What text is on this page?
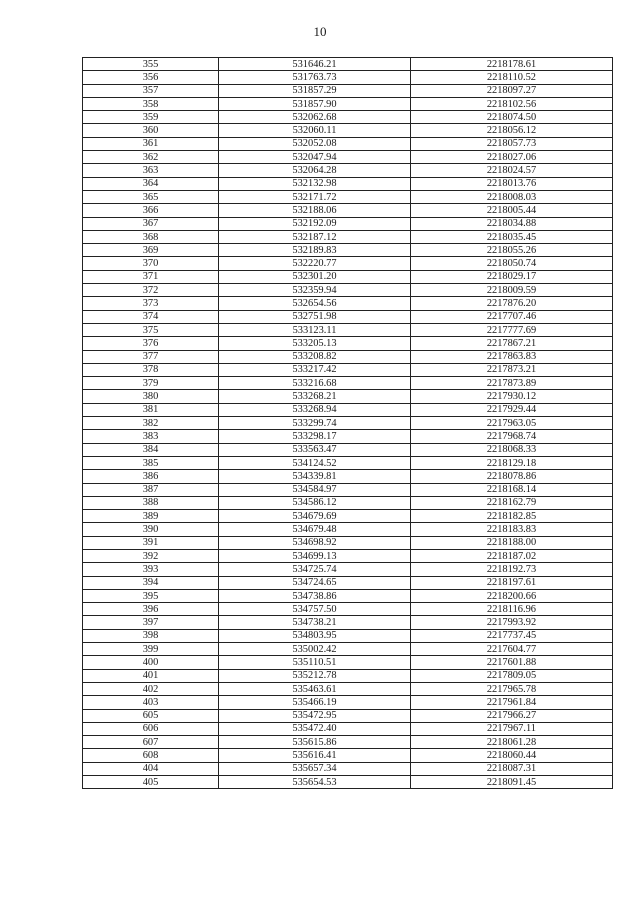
10
355	531646.21	2218178.61
356	531763.73	2218110.52
357	531857.29	2218097.27
358	531857.90	2218102.56
359	532062.68	2218074.50
360	532060.11	2218056.12
361	532052.08	2218057.73
362	532047.94	2218027.06
363	532064.28	2218024.57
364	532132.98	2218013.76
365	532171.72	2218008.03
366	532188.06	2218005.44
367	532192.09	2218034.88
368	532187.12	2218035.45
369	532189.83	2218055.26
370	532220.77	2218050.74
371	532301.20	2218029.17
372	532359.94	2218009.59
373	532654.56	2217876.20
374	532751.98	2217707.46
375	533123.11	2217777.69
376	533205.13	2217867.21
377	533208.82	2217863.83
378	533217.42	2217873.21
379	533216.68	2217873.89
380	533268.21	2217930.12
381	533268.94	2217929.44
382	533299.74	2217963.05
383	533298.17	2217968.74
384	533563.47	2218068.33
385	534124.52	2218129.18
386	534339.81	2218078.86
387	534584.97	2218168.14
388	534586.12	2218162.79
389	534679.69	2218182.85
390	534679.48	2218183.83
391	534698.92	2218188.00
392	534699.13	2218187.02
393	534725.74	2218192.73
394	534724.65	2218197.61
395	534738.86	2218200.66
396	534757.50	2218116.96
397	534738.21	2217993.92
398	534803.95	2217737.45
399	535002.42	2217604.77
400	535110.51	2217601.88
401	535212.78	2217809.05
402	535463.61	2217965.78
403	535466.19	2217961.84
605	535472.95	2217966.27
606	535472.40	2217967.11
607	535615.86	2218061.28
608	535616.41	2218060.44
404	535657.34	2218087.31
405	535654.53	2218091.45
